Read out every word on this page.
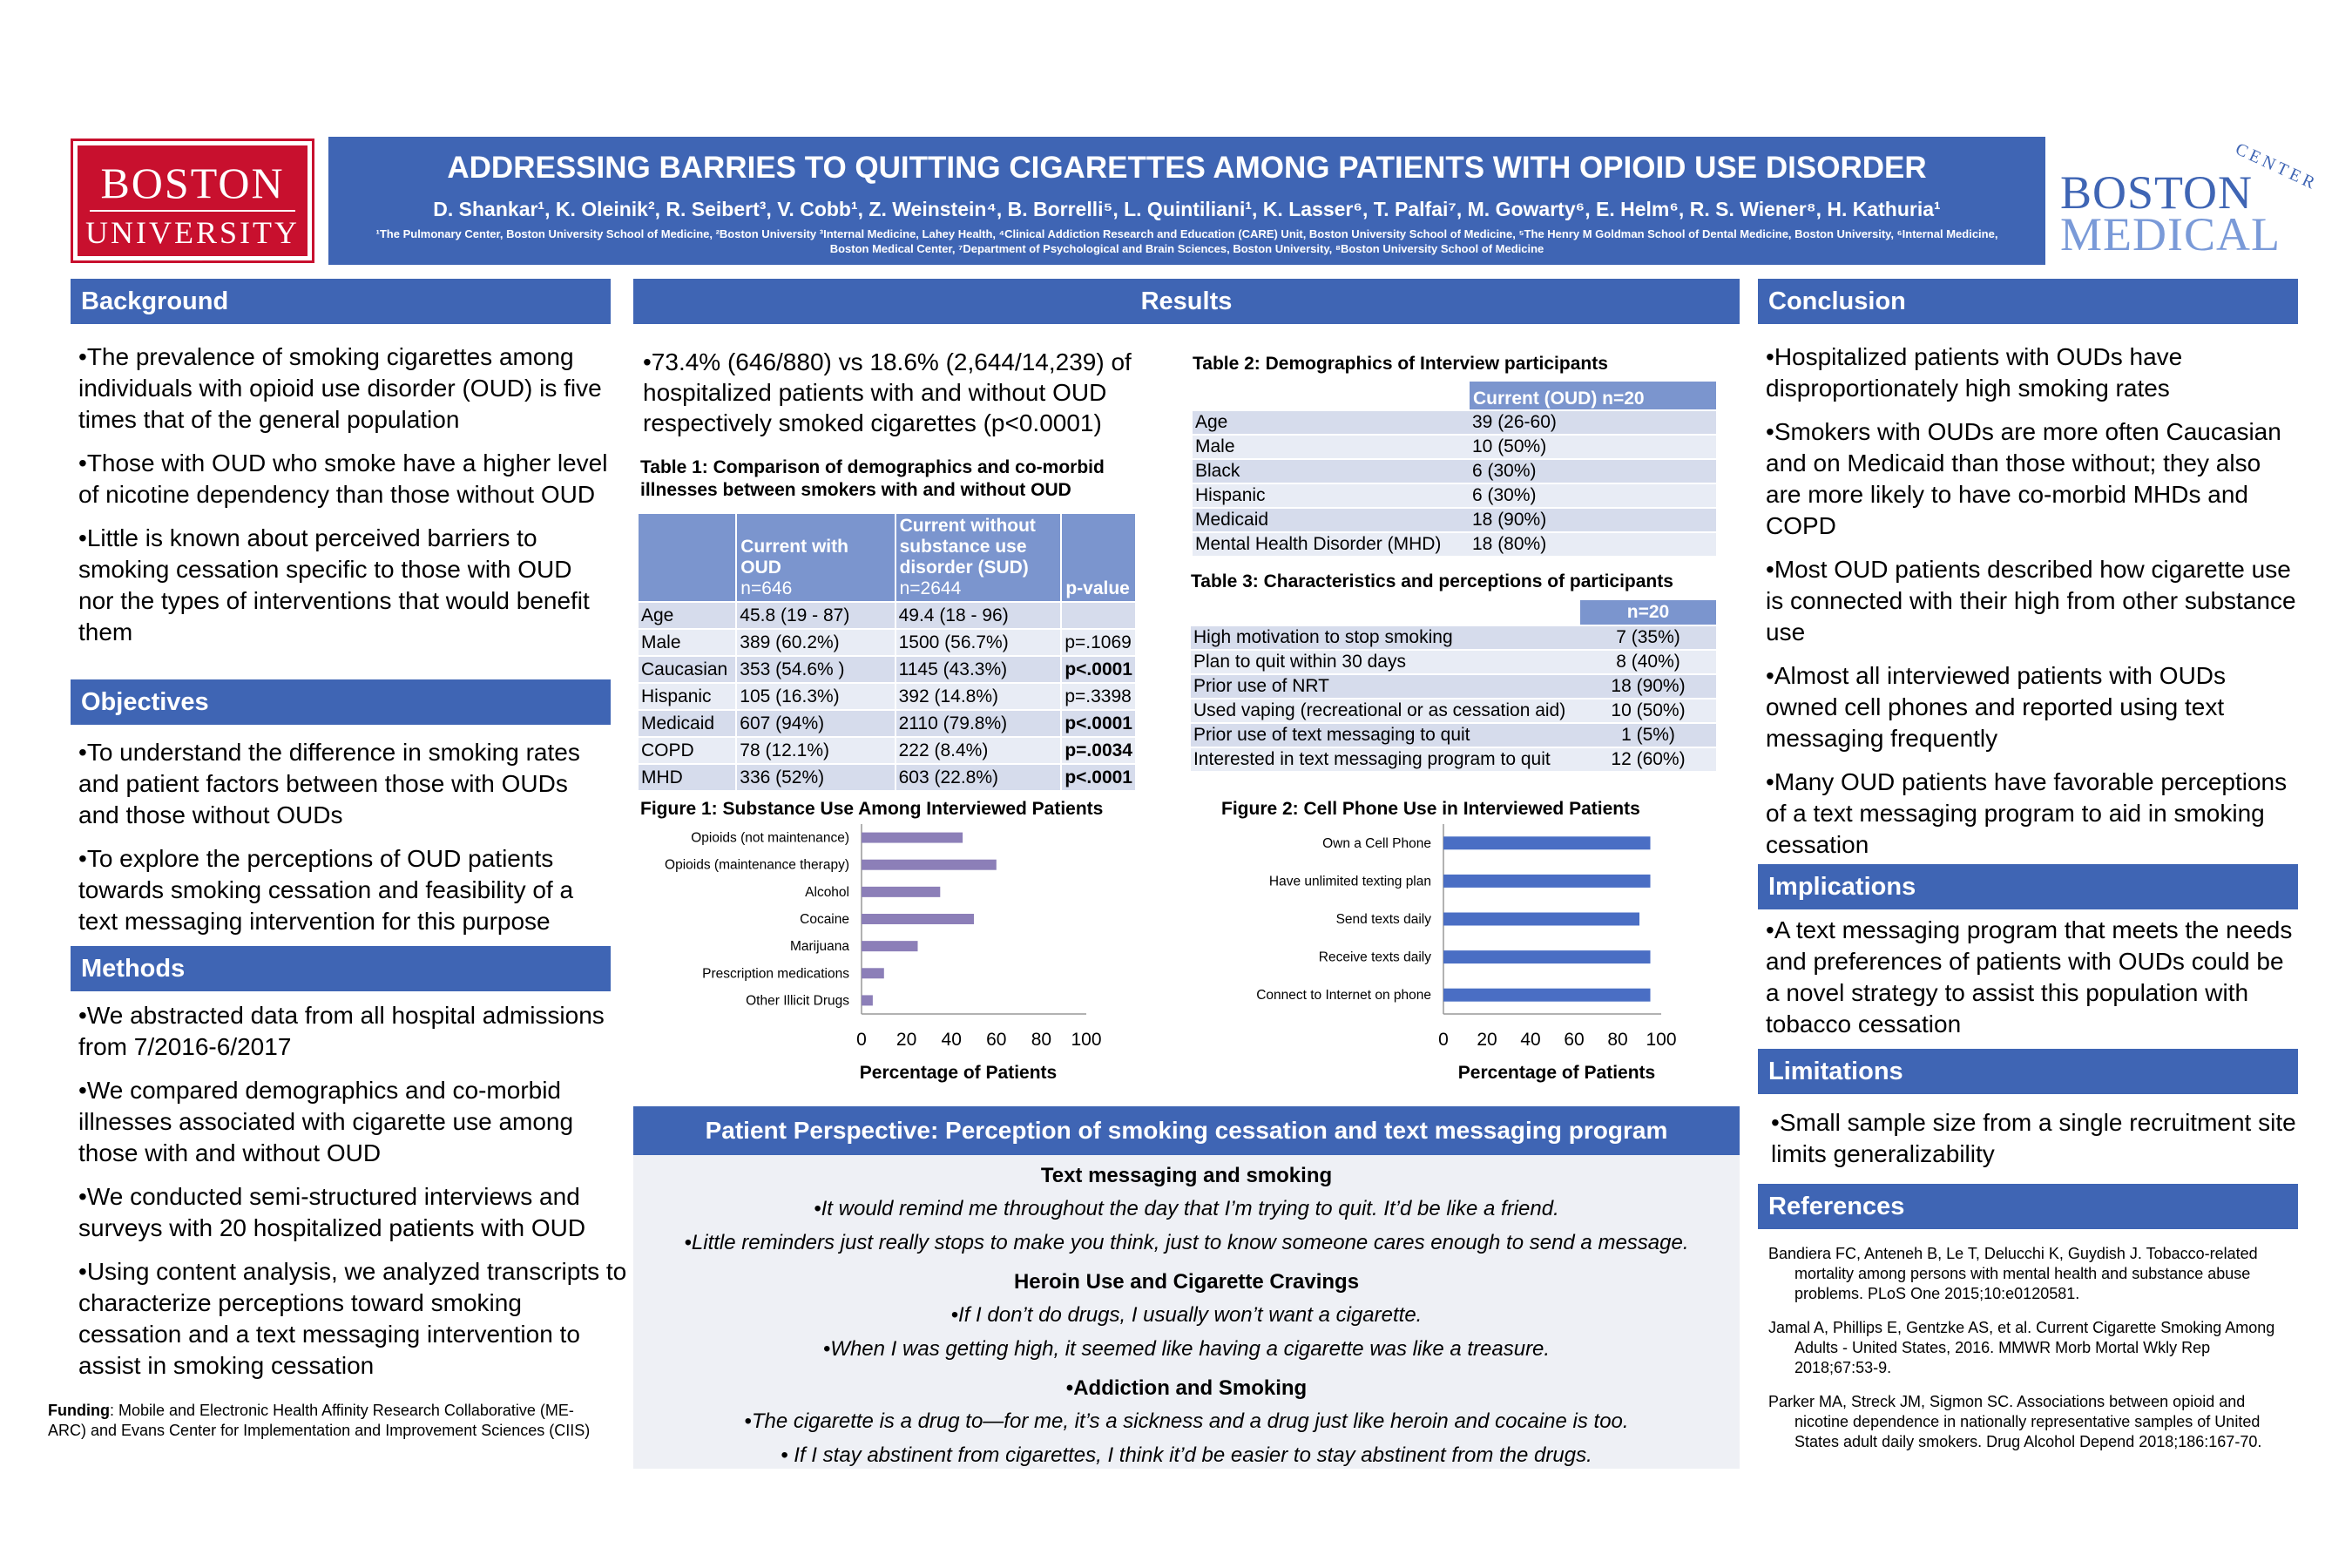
BOSTON
UNIVERSITY
ADDRESSING BARRIES TO QUITTING CIGARETTES AMONG PATIENTS WITH OPIOID USE DISORDER
D. Shankar¹, K. Oleinik², R. Seibert³, V. Cobb¹, Z. Weinstein⁴, B. Borrelli⁵, L. Quintiliani¹, K. Lasser⁶, T. Palfai⁷, M. Gowarty⁶, E. Helm⁶, R. S. Wiener⁸, H. Kathuria¹
¹The Pulmonary Center, Boston University School of Medicine, ²Boston University ³Internal Medicine, Lahey Health, ⁴Clinical Addiction Research and Education (CARE) Unit, Boston University School of Medicine, ⁵The Henry M Goldman School of Dental Medicine, Boston University, ⁶Internal Medicine, Boston Medical Center, ⁷Department of Psychological and Brain Sciences, Boston University, ⁸Boston University School of Medicine
CENTER
BOSTON
MEDICAL
Background
• The prevalence of smoking cigarettes among individuals with opioid use disorder (OUD) is five times that of the general population
• Those with OUD who smoke have a higher level of nicotine dependency than those without OUD
• Little is known about perceived barriers to smoking cessation specific to those with OUD nor the types of interventions that would benefit them
Objectives
• To understand the difference in smoking rates and patient factors between those with OUDs and those without OUDs
• To explore the perceptions of OUD patients towards smoking cessation and feasibility of a text messaging intervention for this purpose
Methods
• We abstracted data from all hospital admissions from 7/2016-6/2017
• We compared demographics and co-morbid illnesses associated with cigarette use among those with and without OUD
• We conducted semi-structured interviews and surveys with 20 hospitalized patients with OUD
• Using content analysis, we analyzed transcripts to characterize perceptions toward smoking cessation and a text messaging intervention to assist in smoking cessation
Funding: Mobile and Electronic Health Affinity Research Collaborative (ME-ARC) and Evans Center for Implementation and Improvement Sciences (CIIS)
Results
•73.4% (646/880) vs 18.6% (2,644/14,239) of hospitalized patients with and without OUD respectively smoked cigarettes (p<0.0001)
Table 1: Comparison of demographics and co-morbid illnesses between smokers with and without OUD
	Current with OUD
n=646	Current without substance use disorder (SUD)
n=2644	p-value
Age	45.8 (19 - 87)	49.4 (18 - 96)	
Male	389 (60.2%)	1500 (56.7%)	p=.1069
Caucasian	353 (54.6% )	1145 (43.3%)	p<.0001
Hispanic	105 (16.3%)	392 (14.8%)	p=.3398
Medicaid	607 (94%)	2110 (79.8%)	p<.0001
COPD	78 (12.1%)	222 (8.4%)	p=.0034
MHD	336 (52%)	603 (22.8%)	p<.0001
Table 2: Demographics of Interview participants
	Current (OUD) n=20
Age	39 (26-60)
Male	10 (50%)
Black	6 (30%)
Hispanic	6 (30%)
Medicaid	18 (90%)
Mental Health Disorder (MHD)	18 (80%)
Table 3: Characteristics and perceptions of participants
	n=20
High motivation to stop smoking	7 (35%)
Plan to quit within 30 days	8 (40%)
Prior use of NRT	18 (90%)
Used vaping (recreational or as cessation aid)	10 (50%)
Prior use of text messaging to quit	1 (5%)
Interested in text messaging program to quit	12 (60%)
Figure 1: Substance Use Among Interviewed Patients
Opioids (not maintenance)
Opioids (maintenance therapy)
Alcohol
Cocaine
Marijuana
Prescription medications
Other Illicit Drugs
0 20 40 60 80 100
Percentage of Patients
Figure 2: Cell Phone Use in Interviewed Patients
Own a Cell Phone
Have unlimited texting plan
Send texts daily
Receive texts daily
Connect to Internet on phone
0 20 40 60 80 100
Percentage of Patients
Patient Perspective: Perception of smoking cessation and text messaging program
Text messaging and smoking
•It would remind me throughout the day that I’m trying to quit. It’d be like a friend.
•Little reminders just really stops to make you think, just to know someone cares enough to send a message.
Heroin Use and Cigarette Cravings
•If I don’t do drugs, I usually won’t want a cigarette.
•When I was getting high, it seemed like having a cigarette was like a treasure.
•Addiction and Smoking
•The cigarette is a drug to—for me, it’s a sickness and a drug just like heroin and cocaine is too.
• If I stay abstinent from cigarettes, I think it’d be easier to stay abstinent from the drugs.
Conclusion
• Hospitalized patients with OUDs have disproportionately high smoking rates
• Smokers with OUDs are more often Caucasian and on Medicaid than those without; they also are more likely to have co-morbid MHDs and COPD
• Most OUD patients described how cigarette use is connected with their high from other substance use
• Almost all interviewed patients with OUDs owned cell phones and reported using text messaging frequently
• Many OUD patients have favorable perceptions of a text messaging program to aid in smoking cessation
Implications
• A text messaging program that meets the needs and preferences of patients with OUDs could be a novel strategy to assist this population with tobacco cessation
Limitations
• Small sample size from a single recruitment site limits generalizability
References
Bandiera FC, Anteneh B, Le T, Delucchi K, Guydish J. Tobacco-related mortality among persons with mental health and substance abuse problems. PLoS One 2015;10:e0120581.
Jamal A, Phillips E, Gentzke AS, et al. Current Cigarette Smoking Among Adults - United States, 2016. MMWR Morb Mortal Wkly Rep 2018;67:53-9.
Parker MA, Streck JM, Sigmon SC. Associations between opioid and nicotine dependence in nationally representative samples of United States adult daily smokers. Drug Alcohol Depend 2018;186:167-70.
